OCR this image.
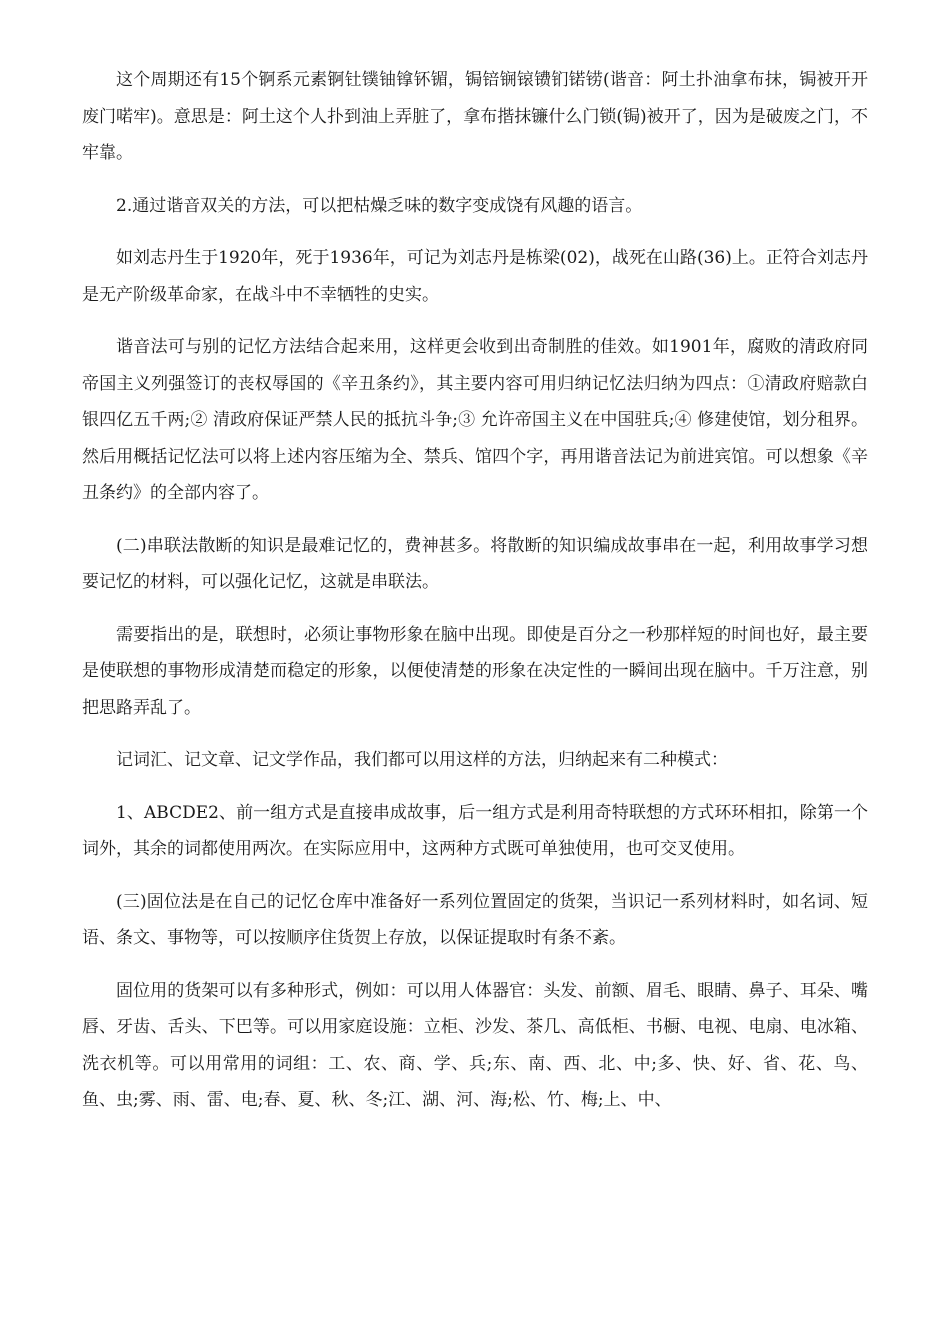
这个周期还有15个锕系元素锕钍镤铀镎钚镅，锔锫锎锿镄钔锘铹(谐音：阿土扑油拿布抹，锔被开开废门喏牢)。意思是：阿土这个人扑到油上弄脏了，拿布揩抹镰什么门锁(锔)被开了，因为是破废之门，不牢靠。

2.通过谐音双关的方法，可以把枯燥乏味的数字变成饶有风趣的语言。

如刘志丹生于1920年，死于1936年，可记为刘志丹是栋梁(02)，战死在山路(36)上。正符合刘志丹是无产阶级革命家，在战斗中不幸牺牲的史实。

谐音法可与别的记忆方法结合起来用，这样更会收到出奇制胜的佳效。如1901年，腐败的清政府同帝国主义列强签订的丧权辱国的《辛丑条约》，其主要内容可用归纳记忆法归纳为四点：①清政府赔款白银四亿五千两;② 清政府保证严禁人民的抵抗斗争;③ 允许帝国主义在中国驻兵;④ 修建使馆，划分租界。然后用概括记忆法可以将上述内容压缩为全、禁兵、馆四个字，再用谐音法记为前进宾馆。可以想象《辛丑条约》的全部内容了。

(二)串联法散断的知识是最难记忆的，费神甚多。将散断的知识编成故事串在一起，利用故事学习想要记忆的材料，可以强化记忆，这就是串联法。

需要指出的是，联想时，必须让事物形象在脑中出现。即使是百分之一秒那样短的时间也好，最主要是使联想的事物形成清楚而稳定的形象，以便使清楚的形象在决定性的一瞬间出现在脑中。千万注意，别把思路弄乱了。

记词汇、记文章、记文学作品，我们都可以用这样的方法，归纳起来有二种模式：

1、ABCDE2、前一组方式是直接串成故事，后一组方式是利用奇特联想的方式环环相扣，除第一个词外，其余的词都使用两次。在实际应用中，这两种方式既可单独使用，也可交叉使用。

(三)固位法是在自己的记忆仓库中准备好一系列位置固定的货架，当识记一系列材料时，如名词、短语、条文、事物等，可以按顺序住货贺上存放，以保证提取时有条不紊。

固位用的货架可以有多种形式，例如：可以用人体器官：头发、前额、眉毛、眼睛、鼻子、耳朵、嘴唇、牙齿、舌头、下巴等。可以用家庭设施：立柜、沙发、茶几、高低柜、书橱、电视、电扇、电冰箱、洗衣机等。可以用常用的词组：工、农、商、学、兵;东、南、西、北、中;多、快、好、省、花、鸟、鱼、虫;雾、雨、雷、电;春、夏、秋、冬;江、湖、河、海;松、竹、梅;上、中、
